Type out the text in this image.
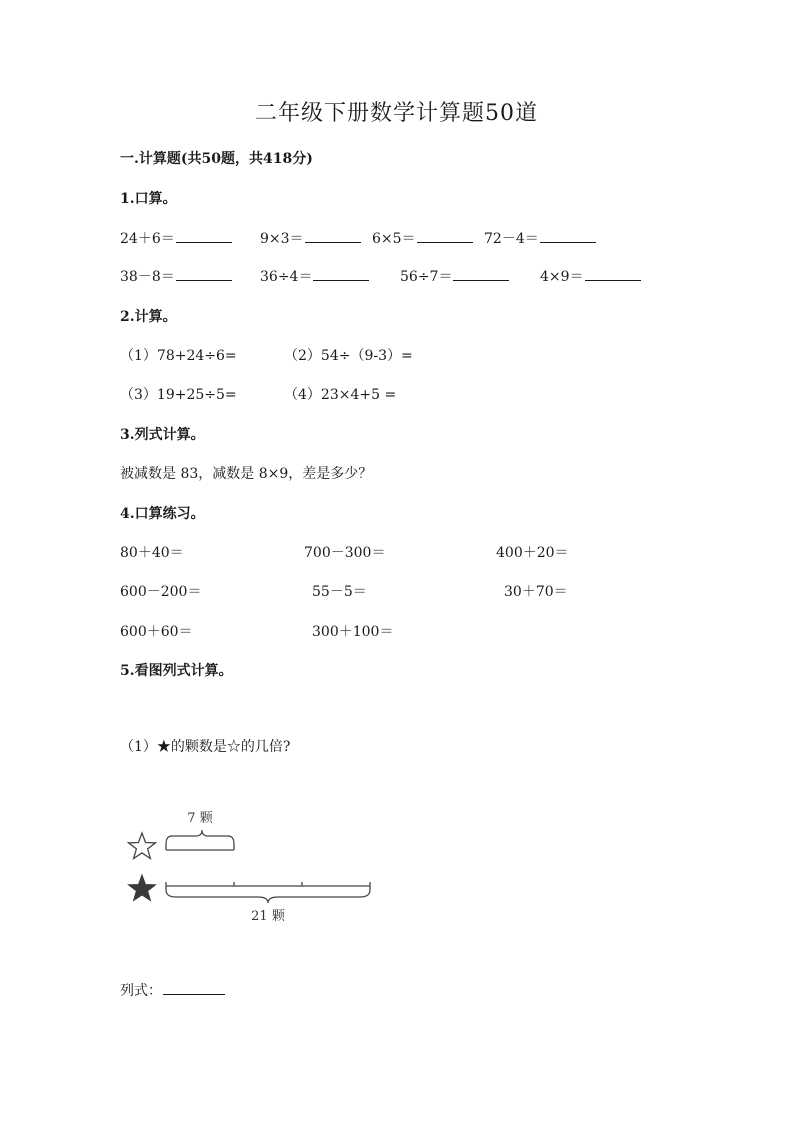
二年级下册数学计算题50道
一.计算题(共50题，共418分)
1.口算。
24＋6＝	9×3＝	6×5＝	72－4＝
38－8＝	36÷4＝	56÷7＝	4×9＝
2.计算。
（1）78+24÷6=	（2）54÷（9-3）=
（3）19+25÷5=	（4）23×4+5 =
3.列式计算。
被减数是 83，减数是 8×9，差是多少？
4.口算练习。
80＋40＝	700－300＝	400＋20＝
600－200＝	55－5＝	30＋70＝
600＋60＝	300＋100＝
5.看图列式计算。
（1）★的颗数是☆的几倍?
7 颗
21 颗
列式：
